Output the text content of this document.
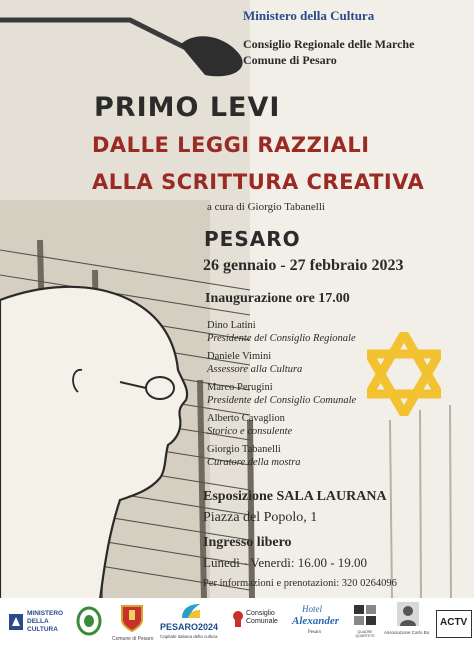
Ministero della Cultura
Consiglio Regionale delle Marche
Comune di Pesaro
PRIMO LEVI
DALLE LEGGI RAZZIALI
ALLA SCRITTURA CREATIVA
a cura di Giorgio Tabanelli
PESARO
26 gennaio - 27 febbraio 2023
Inaugurazione ore 17.00
Dino Latini
Presidente del Consiglio Regionale
Daniele Vimini
Assessore alla Cultura
Marco Perugini
Presidente del Consiglio Comunale
Alberto Cavaglion
Storico e consulente
Giorgio Tabanelli
Curatore della mostra
Esposizione SALA LAURANA
Piazza del Popolo, 1
Ingresso libero
Lunedì - Venerdì: 16.00 - 19.00
Per informazioni e prenotazioni: 320 0264096
MINISTERO
DELLA
CULTURA
Comune di Pesaro
PESARO2024
Capitale italiana della cultura
Consiglio
Comunale
Hotel
Alexander
Pesaro	QUADRE QUARTETS
Associazione Carlo Bo
ACTV
